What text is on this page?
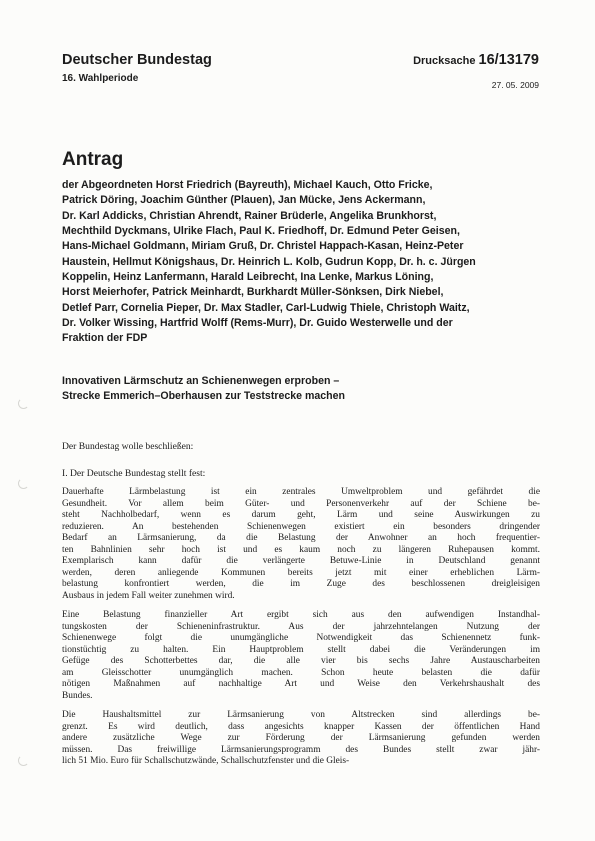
Deutscher Bundestag
16. Wahlperiode
Drucksache 16/13179
27. 05. 2009
Antrag
der Abgeordneten Horst Friedrich (Bayreuth), Michael Kauch, Otto Fricke,
Patrick Döring, Joachim Günther (Plauen), Jan Mücke, Jens Ackermann,
Dr. Karl Addicks, Christian Ahrendt, Rainer Brüderle, Angelika Brunkhorst,
Mechthild Dyckmans, Ulrike Flach, Paul K. Friedhoff, Dr. Edmund Peter Geisen,
Hans-Michael Goldmann, Miriam Gruß, Dr. Christel Happach-Kasan, Heinz-Peter
Haustein, Hellmut Königshaus, Dr. Heinrich L. Kolb, Gudrun Kopp, Dr. h. c. Jürgen
Koppelin, Heinz Lanfermann, Harald Leibrecht, Ina Lenke, Markus Löning,
Horst Meierhofer, Patrick Meinhardt, Burkhardt Müller-Sönksen, Dirk Niebel,
Detlef Parr, Cornelia Pieper, Dr. Max Stadler, Carl-Ludwig Thiele, Christoph Waitz,
Dr. Volker Wissing, Hartfrid Wolff (Rems-Murr), Dr. Guido Westerwelle und der
Fraktion der FDP
Innovativen Lärmschutz an Schienenwegen erproben –
Strecke Emmerich–Oberhausen zur Teststrecke machen
Der Bundestag wolle beschließen:
I. Der Deutsche Bundestag stellt fest:

Dauerhafte Lärmbelastung ist ein zentrales Umweltproblem und gefährdet die
Gesundheit. Vor allem beim Güter- und Personenverkehr auf der Schiene be-
steht Nachholbedarf, wenn es darum geht, Lärm und seine Auswirkungen zu
reduzieren. An bestehenden Schienenwegen existiert ein besonders dringender
Bedarf an Lärmsanierung, da die Belastung der Anwohner an hoch frequentier-
ten Bahnlinien sehr hoch ist und es kaum noch zu längeren Ruhepausen kommt.
Exemplarisch kann dafür die verlängerte Betuwe-Linie in Deutschland genannt
werden, deren anliegende Kommunen bereits jetzt mit einer erheblichen Lärm-
belastung konfrontiert werden, die im Zuge des beschlossenen dreigleisigen
Ausbaus in jedem Fall weiter zunehmen wird.

Eine Belastung finanzieller Art ergibt sich aus den aufwendigen Instandhal-
tungskosten der Schieneninfrastruktur. Aus der jahrzehntelangen Nutzung der
Schienenwege folgt die unumgängliche Notwendigkeit das Schienennetz funk-
tionstüchtig zu halten. Ein Hauptproblem stellt dabei die Veränderungen im
Gefüge des Schotterbettes dar, die alle vier bis sechs Jahre Austauscharbeiten
am Gleisschotter unumgänglich machen. Schon heute belasten die dafür
nötigen Maßnahmen auf nachhaltige Art und Weise den Verkehrshaushalt des
Bundes.

Die Haushaltsmittel zur Lärmsanierung von Altstrecken sind allerdings be-
grenzt. Es wird deutlich, dass angesichts knapper Kassen der öffentlichen Hand
andere zusätzliche Wege zur Förderung der Lärmsanierung gefunden werden
müssen. Das freiwillige Lärmsanierungsprogramm des Bundes stellt zwar jähr-
lich 51 Mio. Euro für Schallschutzwände, Schallschutzfenster und die Gleis-
